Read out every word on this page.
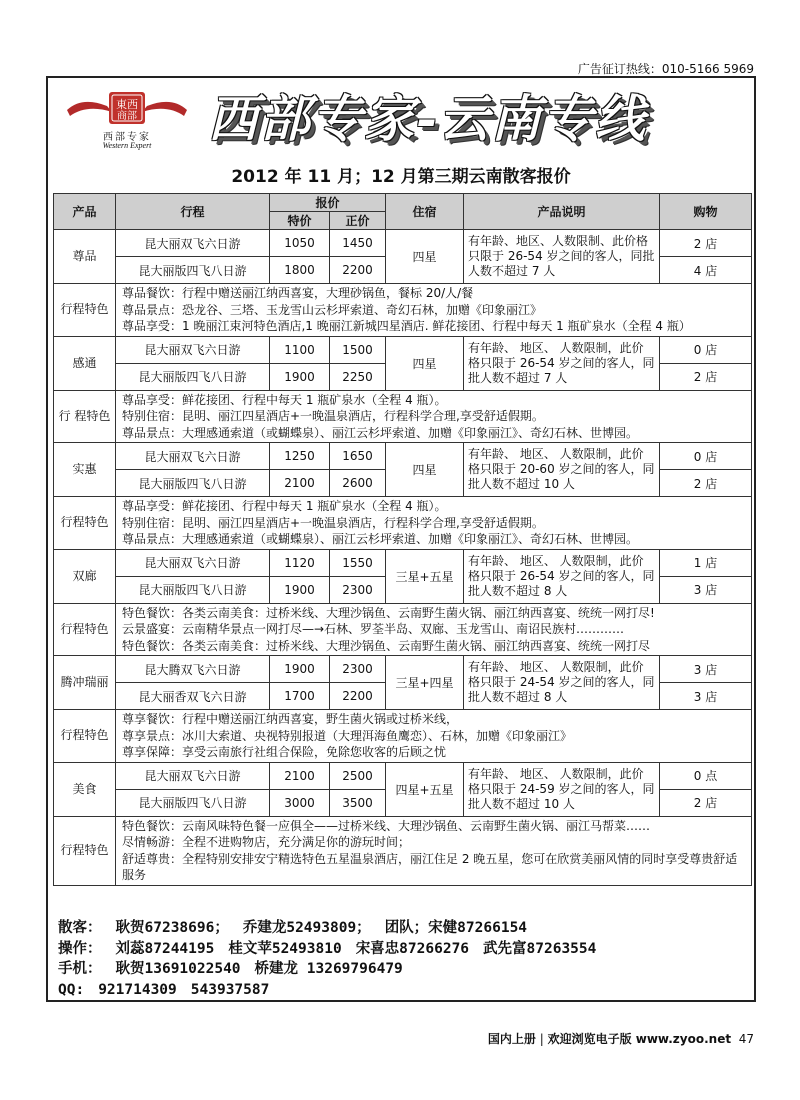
广告征订热线：010-5166 5969
東西
商部
西部专家
Western Expert	西部专家-云南专线
2012 年 11 月；12 月第三期云南散客报价
产品	行程	报价		住宿	产品说明	购物
		特价	正价			
尊品	昆大丽双飞六日游	1050	1450	四星	有年龄、地区、人数限制、此价格只限于 26-54 岁之间的客人，同批人数不超过 7 人	2 店
	昆大丽版四飞八日游	1800	2200			4 店
行程特色	尊品餐饮：行程中赠送丽江纳西喜宴，大理砂锅鱼，餐标 20/人/餐
尊品景点：恐龙谷、三塔、玉龙雪山云杉坪索道、奇幻石林，加赠《印象丽江》
尊品享受：1 晚丽江束河特色酒店,1 晚丽江新城四星酒店. 鲜花接团、行程中每天 1 瓶矿泉水（全程 4 瓶）					

感通	昆大丽双飞六日游	1100	1500	四星	有年龄、 地区、 人数限制，此价格只限于 26-54 岁之间的客人，同批人数不超过 7 人	0 店
	昆大丽版四飞八日游	1900	2250			2 店
行 程特色	尊品享受：鲜花接团、行程中每天 1 瓶矿泉水（全程 4 瓶）。
特别住宿：昆明、丽江四星酒店+一晚温泉酒店，行程科学合理,享受舒适假期。
尊品景点：大理感通索道（或蝴蝶泉）、丽江云杉坪索道、加赠《印象丽江》、奇幻石林、世博园。					

实惠	昆大丽双飞六日游	1250	1650	四星	有年龄、 地区、 人数限制，此价格只限于 20-60 岁之间的客人，同批人数不超过 10 人	0 店
	昆大丽版四飞八日游	2100	2600			2 店
行程特色	尊品享受：鲜花接团、行程中每天 1 瓶矿泉水（全程 4 瓶）。
特别住宿：昆明、丽江四星酒店+一晚温泉酒店，行程科学合理,享受舒适假期。
尊品景点：大理感通索道（或蝴蝶泉）、丽江云杉坪索道、加赠《印象丽江》、奇幻石林、世博园。					

双廊	昆大丽双飞六日游	1120	1550	三星+五星	有年龄、 地区、 人数限制，此价格只限于 26-54 岁之间的客人，同批人数不超过 8 人	1 店
	昆大丽版四飞八日游	1900	2300			3 店
行程特色	特色餐饮：各类云南美食：过桥米线、大理沙锅鱼、云南野生菌火锅、丽江纳西喜宴、统统一网打尽!
云景盛宴：云南精华景点一网打尽—→石林、罗荃半岛、双廊、玉龙雪山、南诏民族村…………
特色餐饮：各类云南美食：过桥米线、大理沙锅鱼、云南野生菌火锅、丽江纳西喜宴、统统一网打尽					

腾冲瑞丽	昆大腾双飞六日游	1900	2300	三星+四星	有年龄、 地区、 人数限制，此价格只限于 24-54 岁之间的客人，同批人数不超过 8 人	3 店
	昆大丽香双飞六日游	1700	2200			3 店
行程特色	尊享餐饮：行程中赠送丽江纳西喜宴，野生菌火锅或过桥米线，
尊享景点：冰川大索道、央视特别报道（大理洱海鱼鹰恋）、石林，加赠《印象丽江》
尊享保障：享受云南旅行社组合保险，免除您收客的后顾之忧					

美食	昆大丽双飞六日游	2100	2500	四星+五星	有年龄、 地区、 人数限制，此价格只限于 24-59 岁之间的客人，同批人数不超过 10 人	0 点
	昆大丽版四飞八日游	3000	3500			2 店
行程特色	特色餐饮：云南风味特色餐一应俱全——过桥米线、大理沙锅鱼、云南野生菌火锅、丽江马帮菜……
尽情畅游：全程不进购物店，充分满足你的游玩时间；
舒适尊贵：全程特别安排安宁精选特色五星温泉酒店，丽江住足 2 晚五星，您可在欣赏美丽风情的同时享受尊贵舒适服务					
散客： 耿贺67238696； 乔建龙52493809； 团队；宋健87266154
操作： 刘蕊87244195 桂文苹52493810 宋喜忠87266276 武先富87263554
手机： 耿贺13691022540 桥建龙 13269796479
QQ: 921714309 543937587
国内上册 | 欢迎浏览电子版 www.zyoo.net 47
